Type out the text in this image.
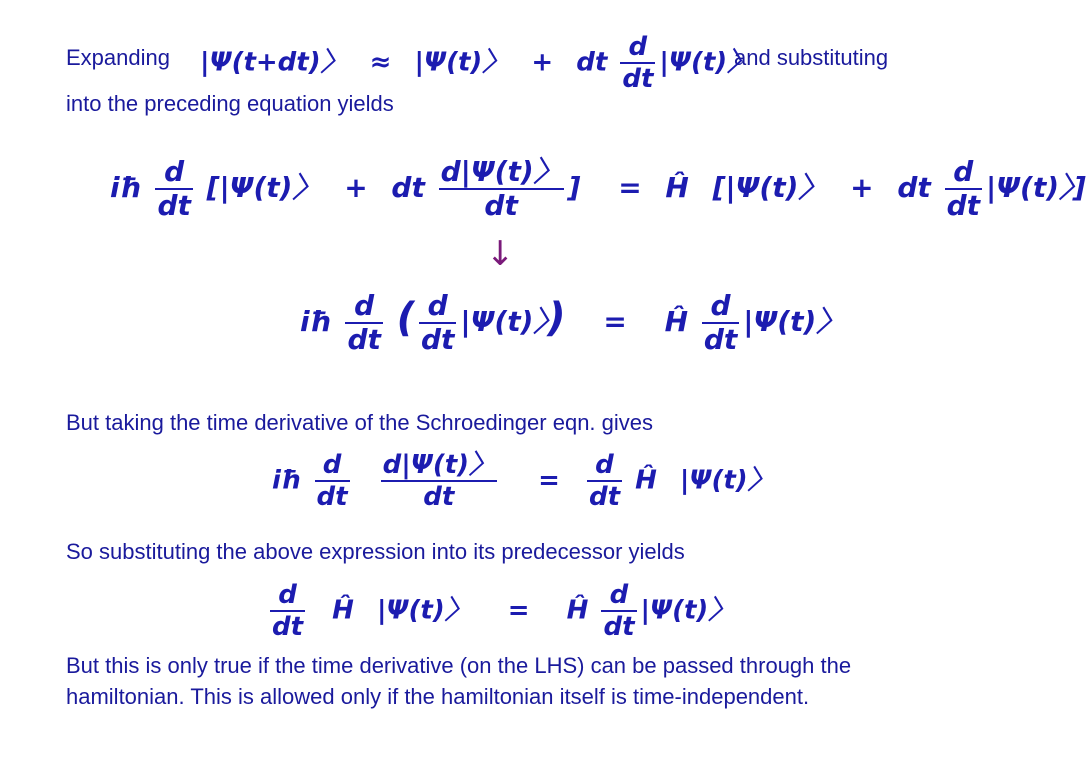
Expanding |Ψ(t+dt)〉 ≈ |Ψ(t)〉 + dt $\frac{d}{dt} |\Psi(t)$〉
and substituting
into the preceding equation yields
iħ $\frac{d}{dt} [|\Psi(t)$〉 + dt $\frac{d|\Psi(t)〉}{dt}$ ] = Ĥ [|Ψ(t)〉 + dt $\frac{d}{dt} |\Psi(t)$〉]
↓
iħ $\frac{d}{dt}$ ( $\frac{d}{dt} |\Psi(t)$〉) = Ĥ $\frac{d}{dt} |\Psi(t)$〉
But taking the time derivative of the Schroedinger eqn. gives
iħ $\frac{d}{dt}$
$\frac{d|\Psi(t)〉}{dt} = \frac{d}{dt}$ Ĥ |Ψ(t)〉
So substituting the above expression into its predecessor yields
$\frac{d}{dt}$ Ĥ |Ψ(t)〉 = Ĥ $\frac{d}{dt} |\Psi(t)$〉
But this is only true if the time derivative (on the LHS) can be passed through the hamiltonian. This is allowed only if the hamiltonian itself is time-independent.
